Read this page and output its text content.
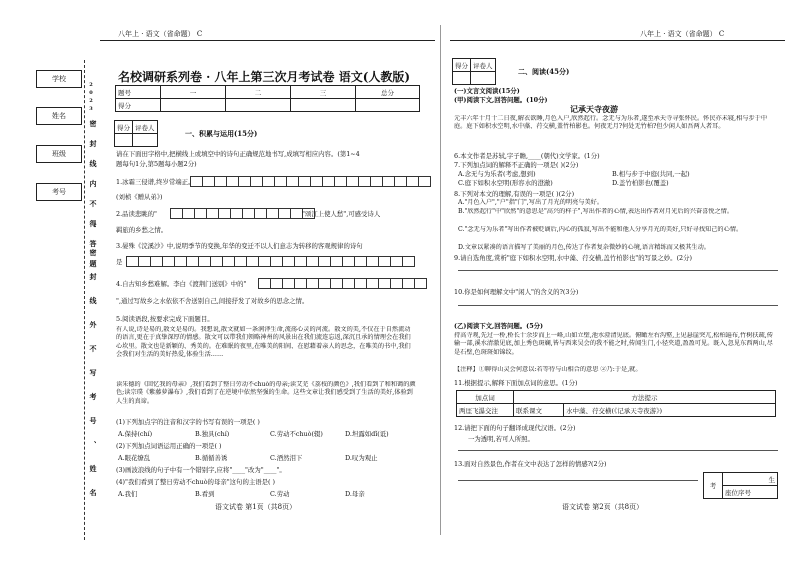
学校
姓名
班级
考号
2023
密 封 线 内 不 得 答 题
、 密 封 线 外 不 写 考 号 、 姓 名
八年上 · 语文（省命题） C
名校调研系列卷 · 八年上第三次月考试卷 语文(人教版)
题号	一	二	三	总分
得分				
得分	评卷人

一、积累与运用(15分)
请在下面田字格中,把横线上或填空中的诗句正确规范地书写,成填写相应内容。(第1~4
题每句1分,第5题每小题2分)
1.冰霜三侵谱,终岁常端正。
(刘桢《赠从弟》)
2.品读悲眺的"	"颂江上使人愁",可感受诗人
羁旅的乡愁之情。
3.晏殊《浣溪沙》中,说明季节的变换,年华的变迁不以人们意志为转移的客观规律的诗句
是
4.自古知乡愁难解。李白《渡荆门送别》中的"
",通过写故乡之水依依不舍送别自己,间接抒发了对故乡的思念之情。
5.阅读语段,按要求完成下面题目。
有人说,诗是易的,散文是易的。我想说,散文就如一条润泽生命,流荡心灵的河流。散文的美,不仅在于自然流动的语言,更在于真挚深厚的情感。散文可以带我们领略神州的风景出在我们流连忘返,深沉且承的情理会在我们心坎里。散文也是新颖的、秀美的。在难眠的夜里,在唯美的阳间、在慰藉着亲人的思念，在唯美的书中,我们会我们对生活的美好热爱,体验生活……
读朱德的《回忆我的母亲》,我们看到了整日劳动不chuò的母亲;读艾芜《荔枝的颜色》,我们看到了和和蔼的颜色;读宗璞《紫藤萝瀑布》,我们看到了在逆境中依然坚强的生命。这些文章让我们感受到了生活的美好,体验到人生的真谛。
(1)下列加点字的注音和汉字的书写有误的一项是( )
A.保持(chí)	B.独具(chí)	C.劳动不chuò(辍)	D.坦露如dǐ(诋)
(2)下列加点词语运用正确的一项是( )
A.眼花缭乱	B.循循善诱	C.酒然泪下	D.叹为观止
(3)画波浪线的句子中有一个错别字,应将"____"改为"____"。
(4)"我们看到了整日劳动不chuò的母亲"这句的主语是( )
A.我们	B.看到	C.劳动	D.母亲
语文试卷 第1页（共8页）
八年上 · 语文（省命题） C
得分	评卷人

二、阅读(45分)
(一)文言文阅读(15分)
(甲)阅读下文,回答问题。(10分)
记承天寺夜游
元丰六年十月十二日夜,解衣欲睡,月色入户,欣然起行。念无与为乐者,遂至承天寺寻张怀民。怀民亦未寝,相与步于中庭。庭下如积水空明,水中藻、荇交横,盖竹柏影也。何夜无月?何处无竹柏?但少闲人如吾两人者耳。
6.本文作者是苏轼,字子瞻,____(朝代)文学家。(1分)
7.下列加点词的解释不正确的一项是( )(2分)
A.念无与为乐者(考虑,想到)	B.相与步于中庭(共同,一起)
C.庭下如积水空明(形容水的澄澈)	D.盖竹柏影也(覆盖)
8.下列对本文的理解,有误的一项是( )(2分)
A."月色入户","户"指"门",写出了月光的明亮与美好。
B."欣然起行"中"欣然"的意思是"高兴的样子",写出作者的心情,表达出作者对月光后的兴奋喜悦之情。
C."念无与为乐者"写出作者被贬谪后,内心的孤寂,写出不能和他人分享月光的美好,只好寻找知己的心情。
D.文章以紧凑的语言描写了美丽的月色,传达了作者复杂微妙的心境,语言精练而又极其生动。
9.请自选角度,赏析"庭下如积水空明,水中藻、荇交横,盖竹柏影也"的写景之妙。(2分)
10.你是如何理解文中"闲人"的含义的?(3分)
(乙)阅读下文,回答问题。(5分)
持高寺观,先过一桥,桥长十余步而上一峰,山如立壁,池水澄清见底。俯瞰左右沟壑,上见悬崖突兀,松柏遍布,竹树扶疏,传输一部,溪水清澈见底,加上秀色斑斓,皆与西来吴会的我不能之时,传闻生门,小径夹道,盈盈可见。既入,忽见东西两山,尽是石壁,色斑斑如锦纹。
【注释】①聊得山灵会何意以:若等待与山相合的意思 ②乃:于是,就。
11.根据提示,解释下面加点词的意思。(1分)
加点词	方法提示	
两厓飞瀑交注	联系课文	水中藻、荇交横(《记承天寺夜游》)
12.请把下面的句子翻译成现代汉语。(2分)
一为透明,若可人所照。
13.面对自然景色,作者在文中表达了怎样的情感?(2分)
考	生
座位序号
语文试卷 第2页（共8页）
